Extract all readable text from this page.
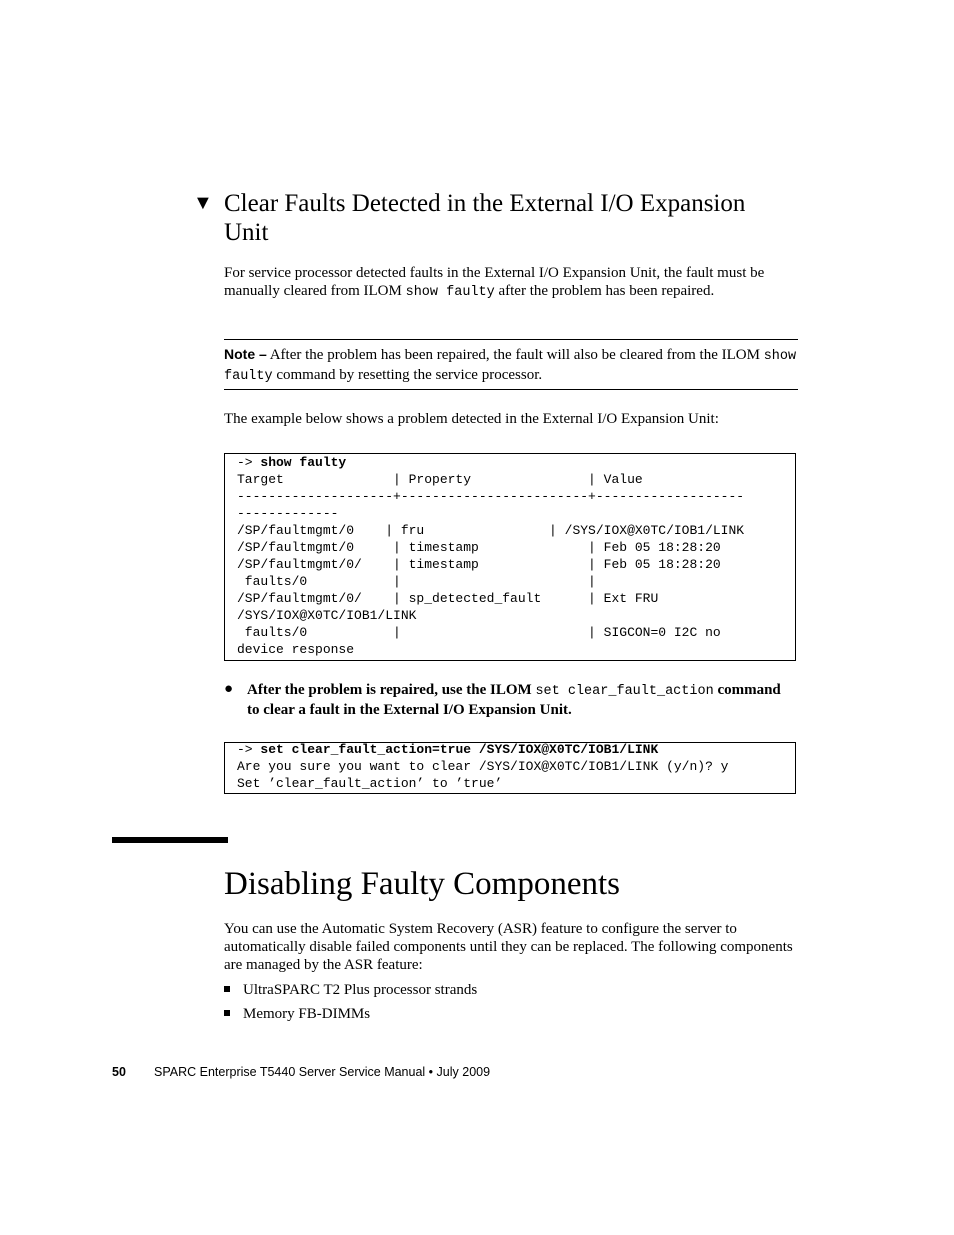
▼ Clear Faults Detected in the External I/O Expansion Unit

For service processor detected faults in the External I/O Expansion Unit, the fault must be manually cleared from ILOM show faulty after the problem has been repaired.

Note – After the problem has been repaired, the fault will also be cleared from the ILOM show faulty command by resetting the service processor.

The example below shows a problem detected in the External I/O Expansion Unit:

-> show faulty
Target              | Property               | Value
--------------------+------------------------+-------------------
-------------
/SP/faultmgmt/0    | fru                | /SYS/IOX@X0TC/IOB1/LINK
/SP/faultmgmt/0     | timestamp              | Feb 05 18:28:20
/SP/faultmgmt/0/    | timestamp              | Feb 05 18:28:20
faults/0           |                        |
/SP/faultmgmt/0/    | sp_detected_fault      | Ext FRU
/SYS/IOX@X0TC/IOB1/LINK
faults/0           |                        | SIGCON=0 I2C no
device response
● After the problem is repaired, use the ILOM set clear_fault_action command to clear a fault in the External I/O Expansion Unit.
-> set clear_fault_action=true /SYS/IOX@X0TC/IOB1/LINK
Are you sure you want to clear /SYS/IOX@X0TC/IOB1/LINK (y/n)? y
Set ’clear_fault_action’ to ’true’
Disabling Faulty Components

You can use the Automatic System Recovery (ASR) feature to configure the server to automatically disable failed components until they can be replaced. The following components are managed by the ASR feature:

UltraSPARC T2 Plus processor strands
Memory FB-DIMMs
50 SPARC Enterprise T5440 Server Service Manual • July 2009
